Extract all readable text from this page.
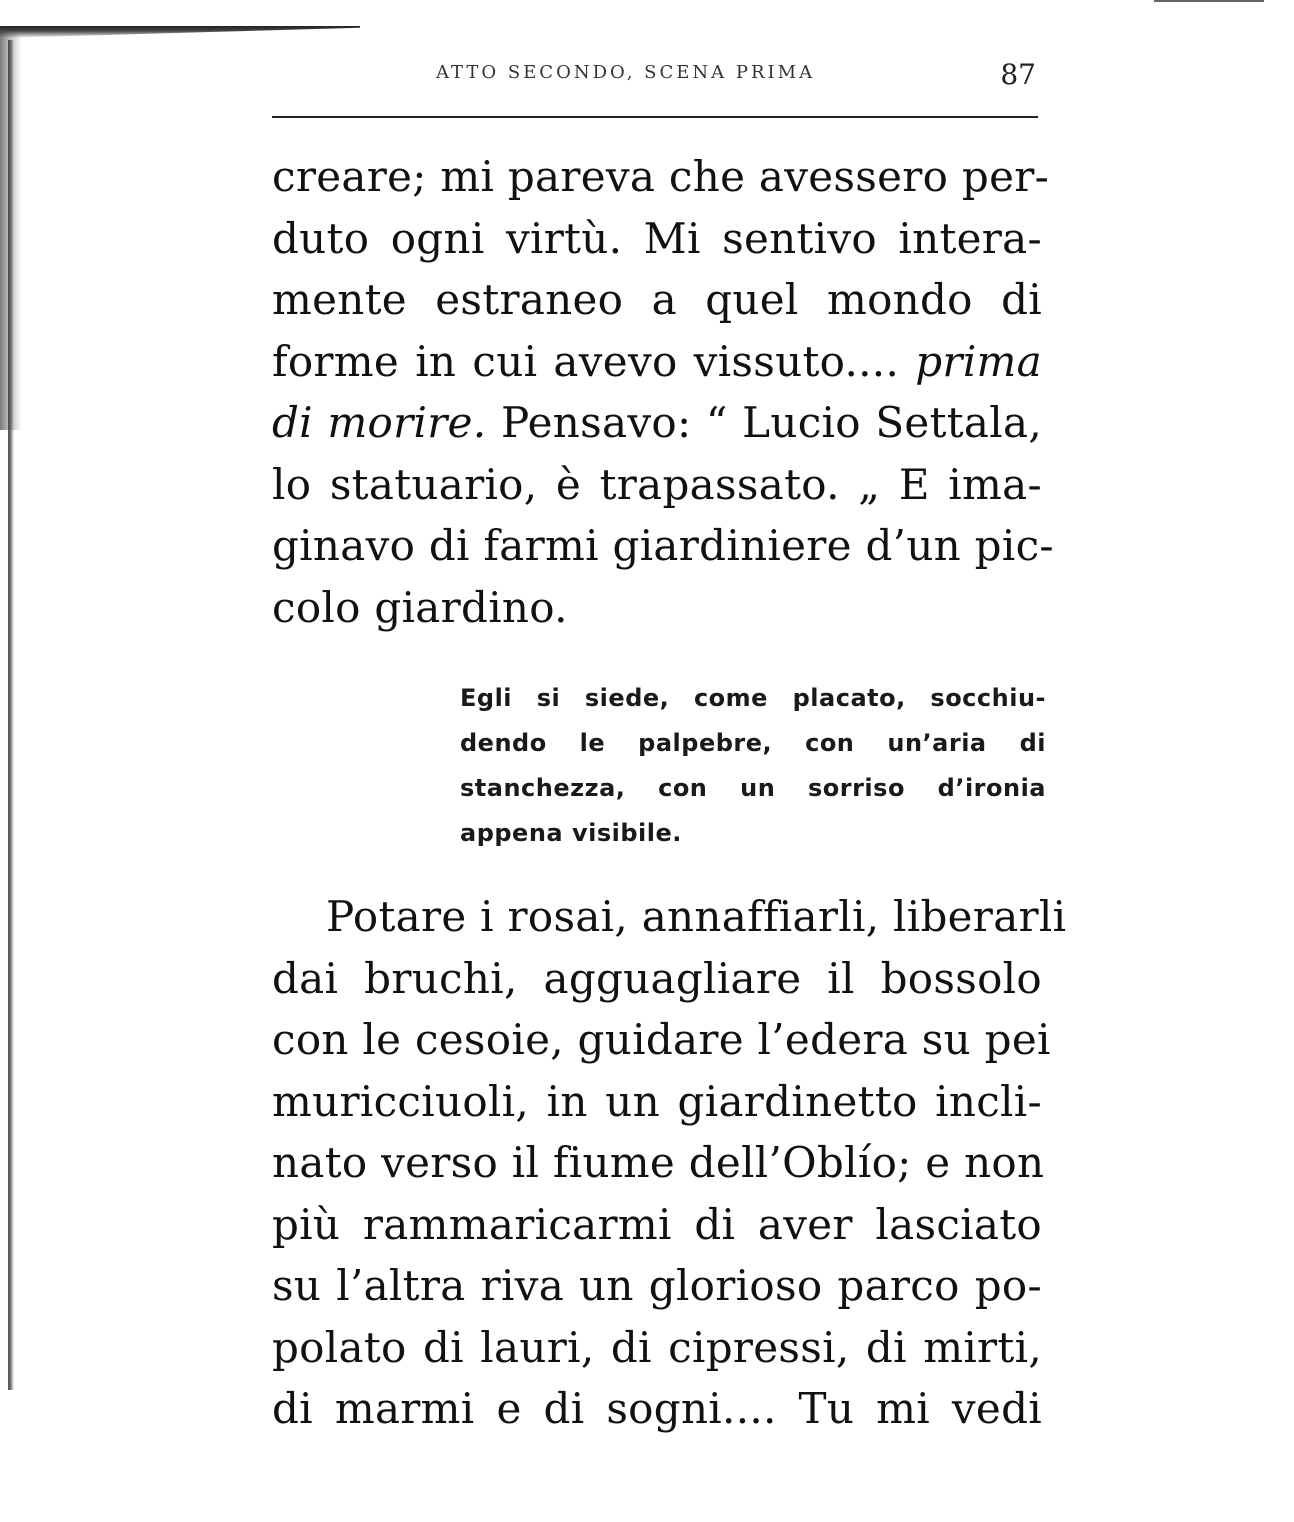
ATTO SECONDO, SCENA PRIMA	87
creare; mi pareva che avessero per-
duto ogni virtù. Mi sentivo intera-
mente estraneo a quel mondo di
forme in cui avevo vissuto.... prima
di morire. Pensavo: “ Lucio Settala,
lo statuario, è trapassato. „ E ima-
ginavo di farmi giardiniere d’un pic-
colo giardino.
Egli si siede, come placato, socchiu-
dendo le palpebre, con un’aria di
stanchezza, con un sorriso d’ironia
appena visibile.
Potare i rosai, annaffiarli, liberarli
dai bruchi, agguagliare il bossolo
con le cesoie, guidare l’edera su pei
muricciuoli, in un giardinetto incli-
nato verso il fiume dell’Oblío; e non
più rammaricarmi di aver lasciato
su l’altra riva un glorioso parco po-
polato di lauri, di cipressi, di mirti,
di marmi e di sogni.... Tu mi vedi
